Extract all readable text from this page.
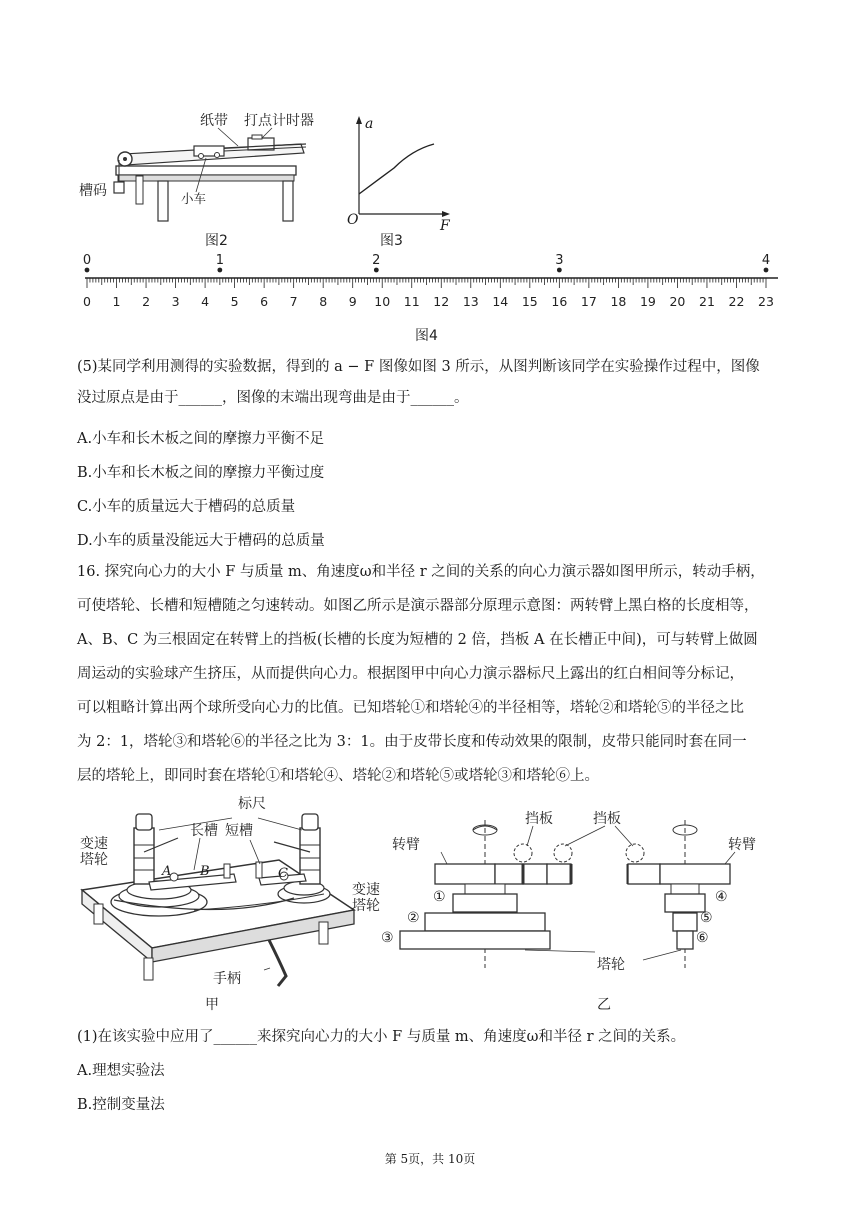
纸带 打点计时器
槽码	小车
图2
a
F
O
图3
0 1 2 3 4 5 6 7 8 9 10 11 12 13 14 15 16 17 18 19 20 21 22 23
0	1	2	3	4
图4
(5)某同学利用测得的实验数据，得到的 a − F 图像如图 3 所示，从图判断该同学在实验操作过程中，图像
没过原点是由于______，图像的末端出现弯曲是由于______。
A.小车和长木板之间的摩擦力平衡不足
B.小车和长木板之间的摩擦力平衡过度
C.小车的质量远大于槽码的总质量
D.小车的质量没能远大于槽码的总质量
16. 探究向心力的大小 F 与质量 m、角速度ω和半径 r 之间的关系的向心力演示器如图甲所示，转动手柄，
可使塔轮、长槽和短槽随之匀速转动。如图乙所示是演示器部分原理示意图：两转臂上黑白格的长度相等，
A、B、C 为三根固定在转臂上的挡板(长槽的长度为短槽的 2 倍，挡板 A 在长槽正中间)，可与转臂上做圆
周运动的实验球产生挤压，从而提供向心力。根据图甲中向心力演示器标尺上露出的红白相间等分标记，
可以粗略计算出两个球所受向心力的比值。已知塔轮①和塔轮④的半径相等，塔轮②和塔轮⑤的半径之比
为 2：1，塔轮③和塔轮⑥的半径之比为 3：1。由于皮带长度和传动效果的限制，皮带只能同时套在同一
层的塔轮上，即同时套在塔轮①和塔轮④、塔轮②和塔轮⑤或塔轮③和塔轮⑥上。
标尺
长槽 短槽
变速塔轮
变速塔轮
A B	C
手柄
甲
转臂	转臂
挡板	挡板
塔轮
①
②
③
④
⑤
⑥
乙
(1)在该实验中应用了______来探究向心力的大小 F 与质量 m、角速度ω和半径 r 之间的关系。
A.理想实验法
B.控制变量法
第 5页，共 10页
